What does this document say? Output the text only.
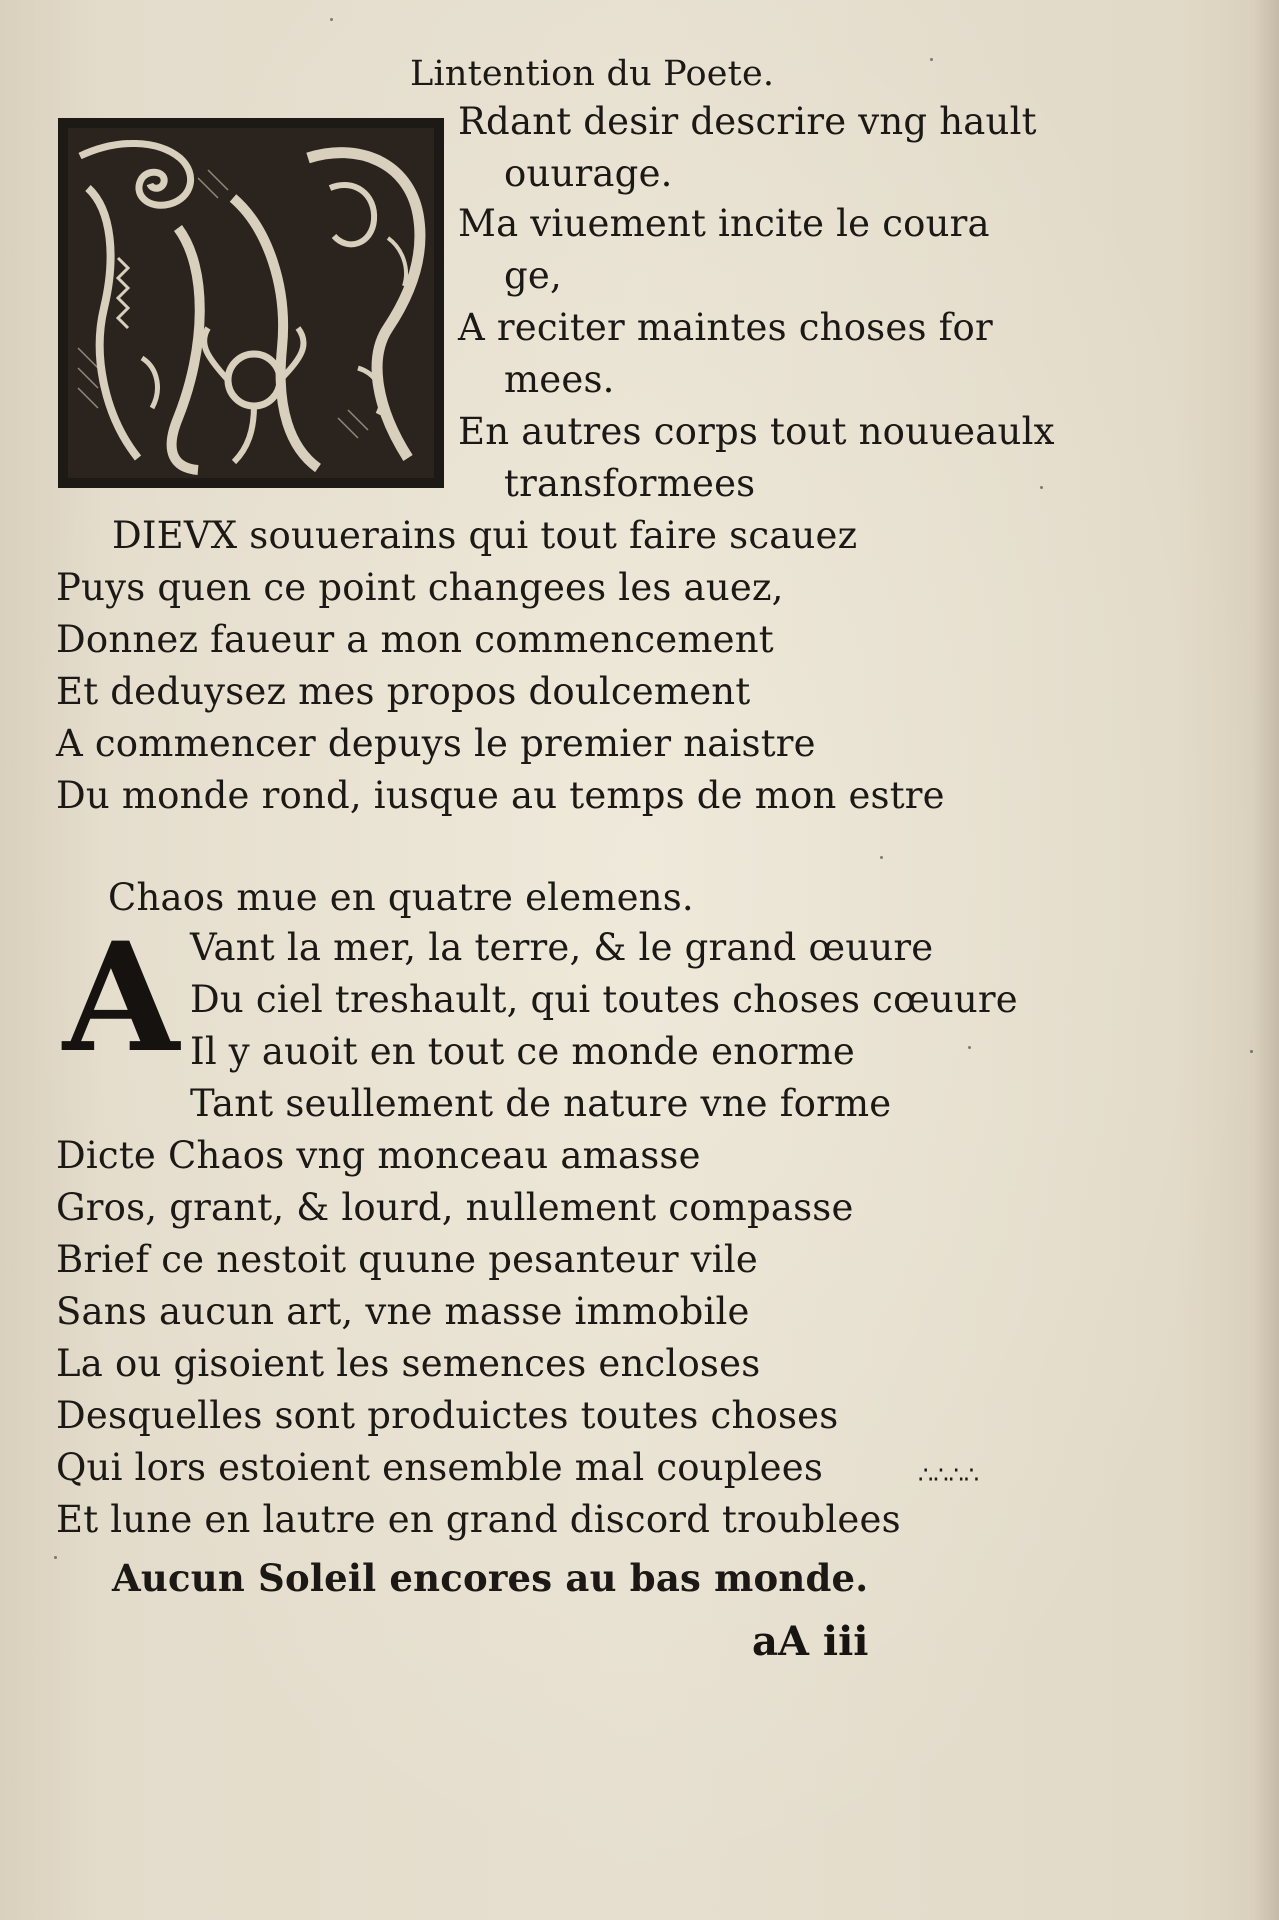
Lintention du Poete.
Rdant desir descrire vng hault
ouurage.
Ma viuement incite le coura
ge,
A reciter maintes choses for
mees.
En autres corps tout nouueaulx
transformees
DIEVX souuerains qui tout faire scauez
Puys quen ce point changees les auez,
Donnez faueur a mon commencement
Et deduysez mes propos doulcement
A commencer depuys le premier naistre
Du monde rond, iusque au temps de mon estre
Chaos mue en quatre elemens.
A Vant la mer, la terre, & le grand œuure
Du ciel treshault, qui toutes choses cœuure
Il y auoit en tout ce monde enorme
Tant seullement de nature vne forme
Dicte Chaos vng monceau amasse
Gros, grant, & lourd, nullement compasse
Brief ce nestoit quune pesanteur vile
Sans aucun art, vne masse immobile
La ou gisoient les semences encloses
Desquelles sont produictes toutes choses
Qui lors estoient ensemble mal couplees
Et lune en lautre en grand discord troublees
Aucun Soleil encores au bas monde.
∴∴∴∴
aA iii
